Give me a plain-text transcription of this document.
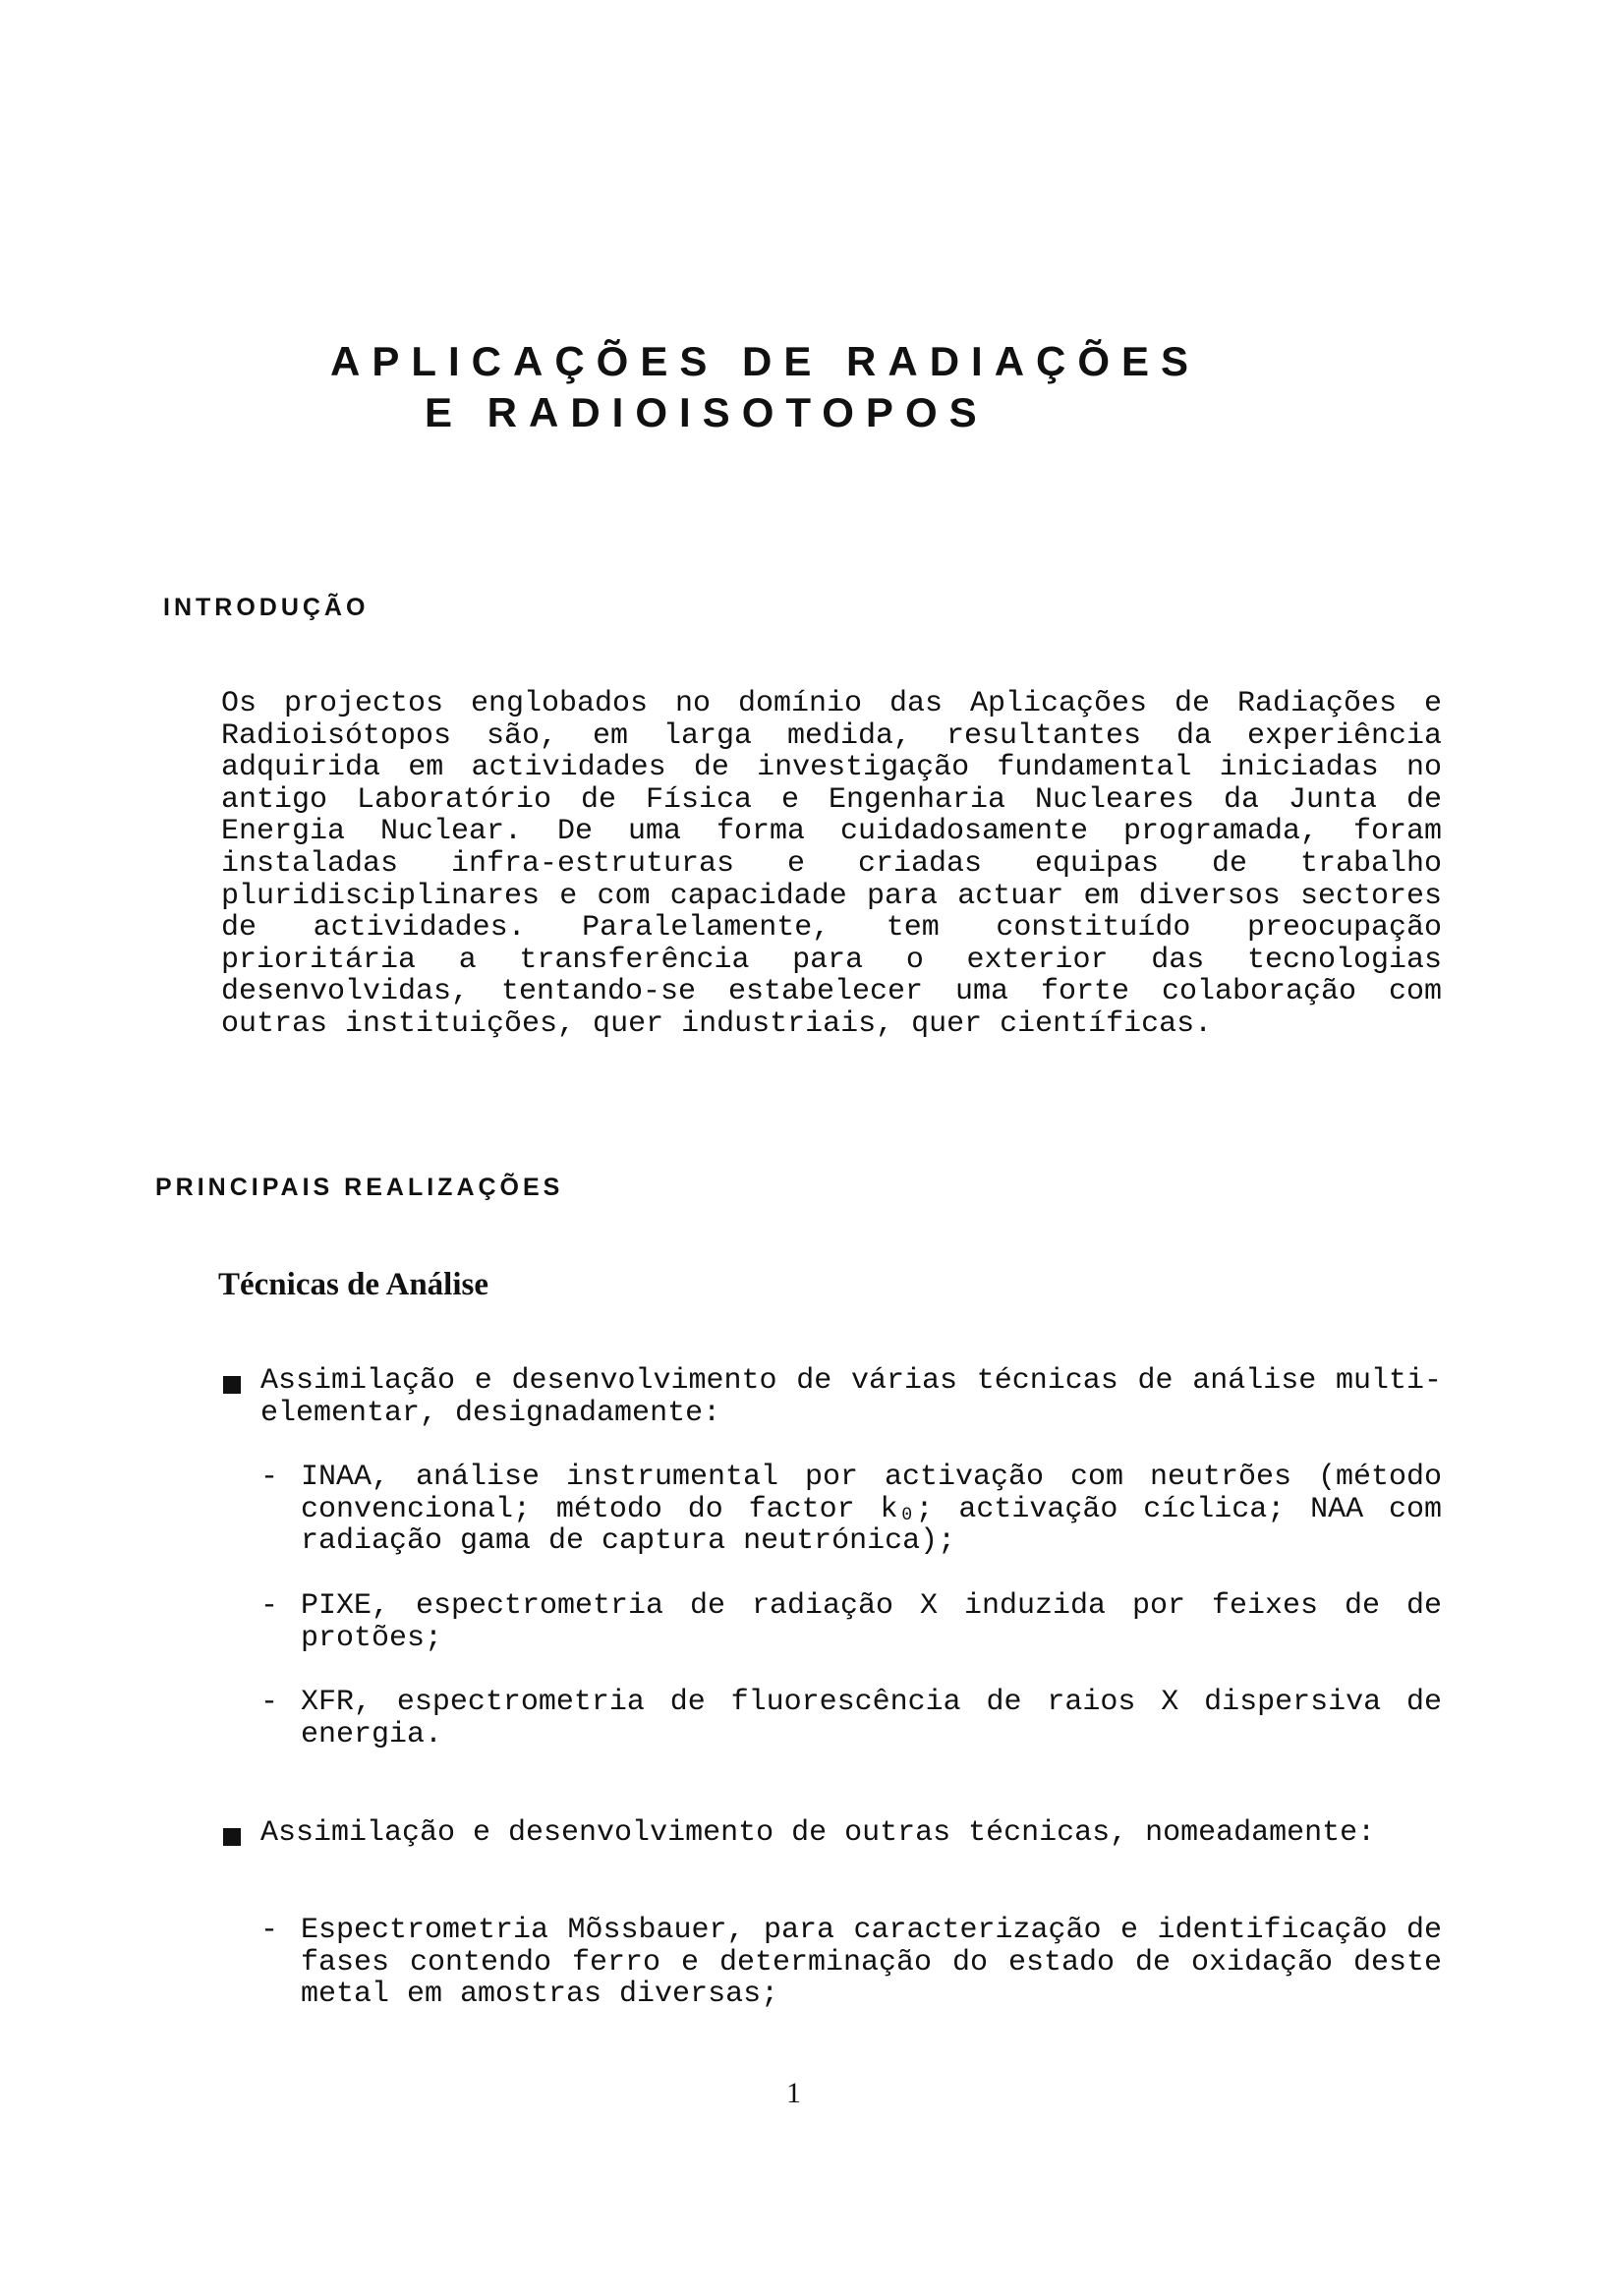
APLICAÇÕES DE RADIAÇÕES
E RADIOISOTOPOS
INTRODUÇÃO

Os projectos englobados no domínio das Aplicações de Radiações e Radioisótopos são, em larga medida, resultantes da experiência adquirida em actividades de investigação fundamental iniciadas no antigo Laboratório de Física e Engenharia Nucleares da Junta de Energia Nuclear. De uma forma cuidadosamente programada, foram instaladas infra-estruturas e criadas equipas de trabalho pluridisciplinares e com capacidade para actuar em diversos sectores de actividades. Paralelamente, tem constituído preocupação prioritária a transferência para o exterior das tecnologias desenvolvidas, tentando-se estabelecer uma forte colaboração com outras instituições, quer industriais, quer científicas.

PRINCIPAIS REALIZAÇÕES
Técnicas de Análise

Assimilação e desenvolvimento de várias técnicas de análise multi-elementar, designadamente:

- INAA, análise instrumental por activação com neutrões (método convencional; método do factor k₀; activação cíclica; NAA com radiação gama de captura neutrónica);

- PIXE, espectrometria de radiação X induzida por feixes de de protões;

- XFR, espectrometria de fluorescência de raios X dispersiva de energia.

Assimilação e desenvolvimento de outras técnicas, nomeadamente:

- Espectrometria Mõssbauer, para caracterização e identificação de fases contendo ferro e determinação do estado de oxidação deste metal em amostras diversas;

1
